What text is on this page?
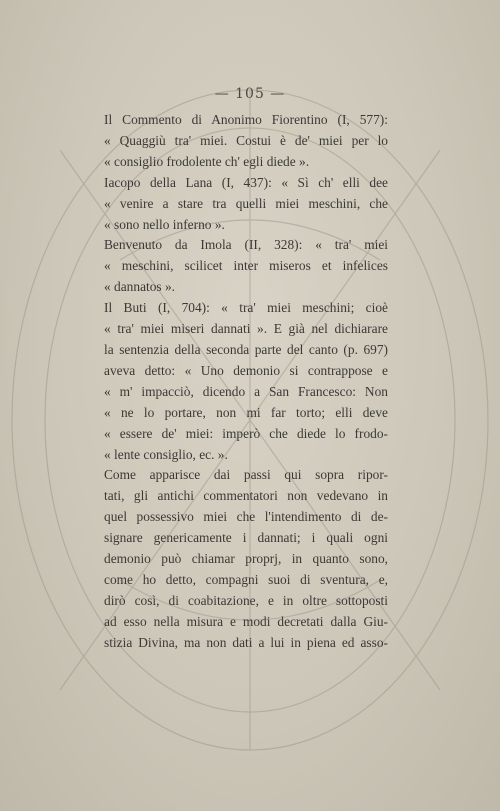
— 105 —

Il Commento di Anonimo Fiorentino (I, 577):

« Quaggiù tra' miei. Costui è de' miei per lo

« consiglio frodolente ch' egli diede ».

Iacopo della Lana (I, 437): « Sì ch' elli dee

« venire a stare tra quelli miei meschini, che

« sono nello inferno ».

Benvenuto da Imola (II, 328): « tra' miei

« meschini, scilicet inter miseros et infelices

« dannatos ».

Il Buti (I, 704): « tra' miei meschini; cioè

« tra' miei miseri dannati ». E già nel dichiarare

la sentenzia della seconda parte del canto (p. 697)

aveva detto: « Uno demonio si contrappose e

« m' impacciò, dicendo a San Francesco: Non

« ne lo portare, non mi far torto; elli deve

« essere de' miei: imperò che diede lo frodo-

« lente consiglio, ec. ».

Come apparisce dai passi qui sopra ripor-

tati, gli antichi commentatori non vedevano in

quel possessivo miei che l'intendimento di de-

signare genericamente i dannati; i quali ogni

demonio può chiamar proprj, in quanto sono,

come ho detto, compagni suoi di sventura, e,

dirò così, di coabitazione, e in oltre sottoposti

ad esso nella misura e modi decretati dalla Giu-

stizia Divina, ma non dati a lui in piena ed asso-
